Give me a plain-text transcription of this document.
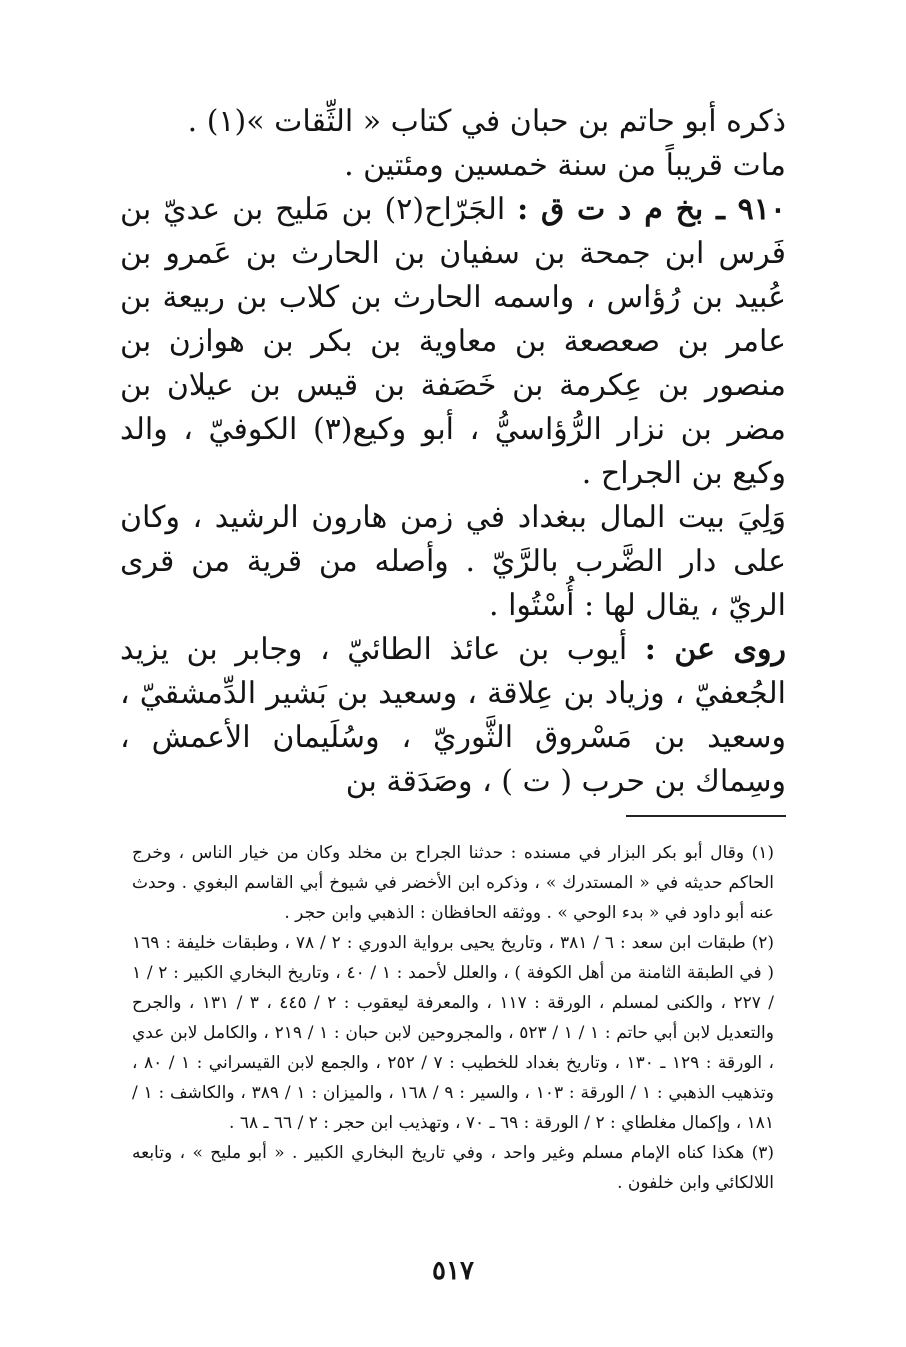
ذكره أبو حاتم بن حبان في كتاب « الثِّقات »(١) .

مات قريباً من سنة خمسين ومئتين .

٩١٠ ـ بخ م د ت ق : الجَرّاح(٢) بن مَليح بن عديّ بن فَرس ابن جمحة بن سفيان بن الحارث بن عَمرو بن عُبيد بن رُؤاس ، واسمه الحارث بن كلاب بن ربيعة بن عامر بن صعصعة بن معاوية بن بكر بن هوازن بن منصور بن عِكرمة بن خَصَفة بن قيس بن عيلان بن مضر بن نزار الرُّؤاسيُّ ، أبو وكيع(٣) الكوفيّ ، والد وكيع بن الجراح .

وَلِيَ بيت المال ببغداد في زمن هارون الرشيد ، وكان على دار الضَّرب بالرَّيّ . وأصله من قرية من قرى الريّ ، يقال لها : أُسْتُوا .

روى عن : أيوب بن عائذ الطائيّ ، وجابر بن يزيد الجُعفيّ ، وزياد بن عِلاقة ، وسعيد بن بَشير الدِّمشقيّ ، وسعيد بن مَسْروق الثَّوريّ ، وسُلَيمان الأعمش ، وسِماك بن حرب ( ت ) ، وصَدَقة بن

(١) وقال أبو بكر البزار في مسنده : حدثنا الجراح بن مخلد وكان من خيار الناس ، وخرج الحاكم حديثه في « المستدرك » ، وذكره ابن الأخضر في شيوخ أبي القاسم البغوي . وحدث عنه أبو داود في « بدء الوحي » . ووثقه الحافظان : الذهبي وابن حجر .

(٢) طبقات ابن سعد : ٦ / ٣٨١ ، وتاريخ يحيى برواية الدوري : ٢ / ٧٨ ، وطبقات خليفة : ١٦٩ ( في الطبقة الثامنة من أهل الكوفة ) ، والعلل لأحمد : ١ / ٤٠ ، وتاريخ البخاري الكبير : ٢ / ١ / ٢٢٧ ، والكنى لمسلم ، الورقة : ١١٧ ، والمعرفة ليعقوب : ٢ / ٤٤٥ ، ٣ / ١٣١ ، والجرح والتعديل لابن أبي حاتم : ١ / ١ / ٥٢٣ ، والمجروحين لابن حبان : ١ / ٢١٩ ، والكامل لابن عدي ، الورقة : ١٢٩ ـ ١٣٠ ، وتاريخ بغداد للخطيب : ٧ / ٢٥٢ ، والجمع لابن القيسراني : ١ / ٨٠ ، وتذهيب الذهبي : ١ / الورقة : ١٠٣ ، والسير : ٩ / ١٦٨ ، والميزان : ١ / ٣٨٩ ، والكاشف : ١ / ١٨١ ، وإكمال مغلطاي : ٢ / الورقة : ٦٩ ـ ٧٠ ، وتهذيب ابن حجر : ٢ / ٦٦ ـ ٦٨ .

(٣) هكذا كناه الإمام مسلم وغير واحد ، وفي تاريخ البخاري الكبير . « أبو مليح » ، وتابعه اللالكائي وابن خلفون .

٥١٧
